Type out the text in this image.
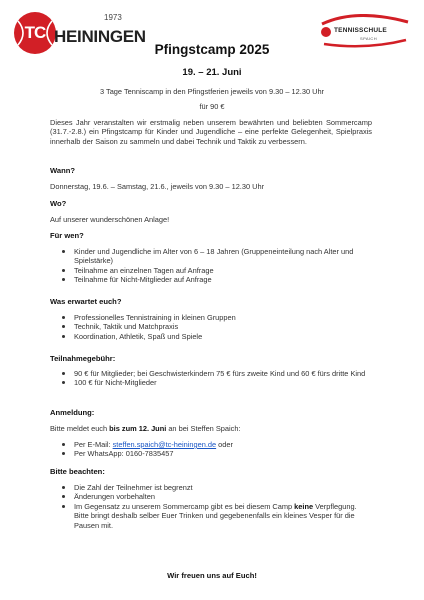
TC
1973
HEININGEN	TENNISSCHULE
SPAICH
Pfingstcamp 2025
19. – 21. Juni
3 Tage Tenniscamp in den Pfingstferien jeweils von 9.30 – 12.30 Uhr
für 90 €
Dieses Jahr veranstalten wir erstmalig neben unserem bewährten und beliebten Sommercamp (31.7.-2.8.) ein Pfingstcamp für Kinder und Jugendliche – eine perfekte Gelegenheit, Spielpraxis innerhalb der Saison zu sammeln und dabei Technik und Taktik zu verbessern.
Wann?
Donnerstag, 19.6. – Samstag, 21.6., jeweils von 9.30 – 12.30 Uhr
Wo?
Auf unserer wunderschönen Anlage!
Für wen?
Kinder und Jugendliche im Alter von 6 – 18 Jahren (Gruppeneinteilung nach Alter und Spielstärke)
Teilnahme an einzelnen Tagen auf Anfrage
Teilnahme für Nicht-Mitglieder auf Anfrage
Was erwartet euch?
Professionelles Tennistraining in kleinen Gruppen
Technik, Taktik und Matchpraxis
Koordination, Athletik, Spaß und Spiele
Teilnahmegebühr:
90 € für Mitglieder; bei Geschwisterkindern 75 € fürs zweite Kind und 60 € fürs dritte Kind
100 € für Nicht-Mitglieder
Anmeldung:
Bitte meldet euch bis zum 12. Juni an bei Steffen Spaich:
Per E-Mail: steffen.spaich@tc-heiningen.de oder
Per WhatsApp: 0160-7835457
Bitte beachten:
Die Zahl der Teilnehmer ist begrenzt
Änderungen vorbehalten
Im Gegensatz zu unserem Sommercamp gibt es bei diesem Camp keine Verpflegung. Bitte bringt deshalb selber Euer Trinken und gegebenenfalls ein kleines Vesper für die Pausen mit.
Wir freuen uns auf Euch!
